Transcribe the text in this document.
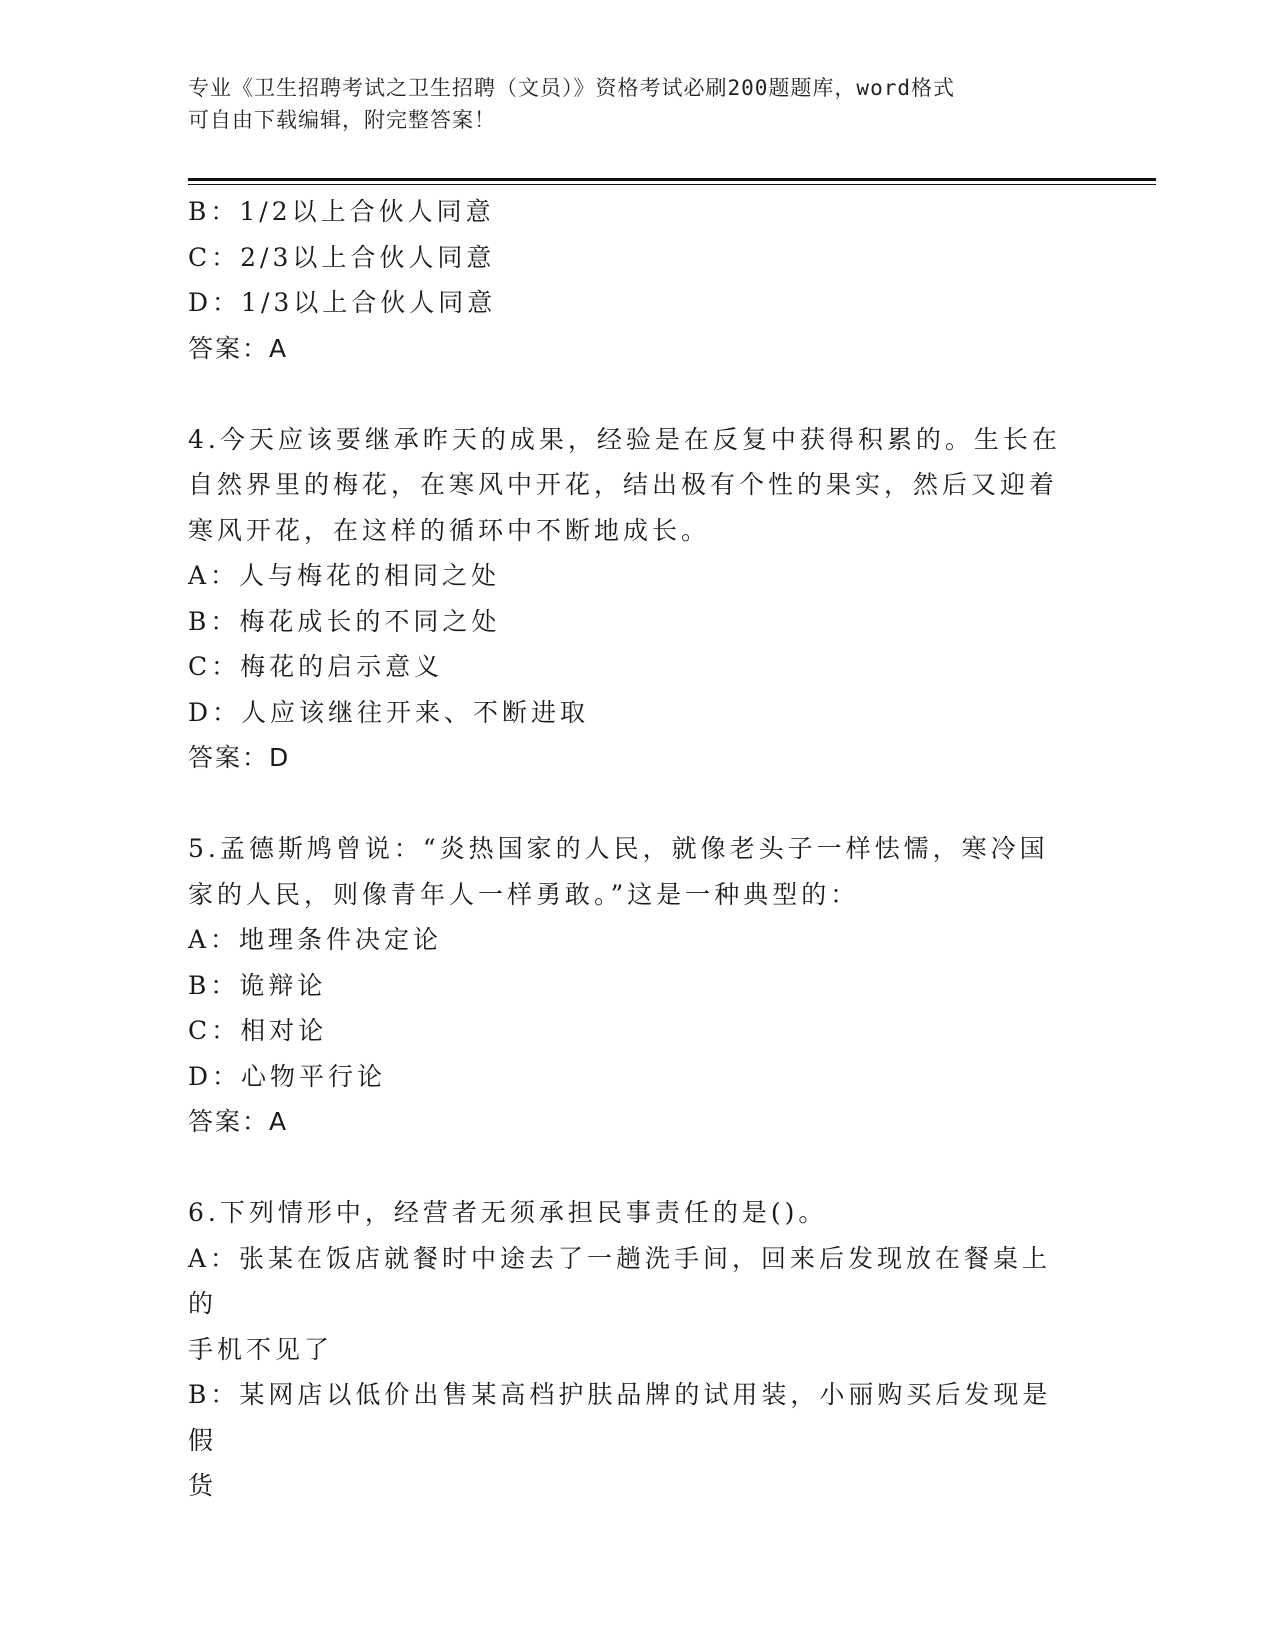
专业《卫生招聘考试之卫生招聘（文员）》资格考试必刷200题题库，word格式
可自由下载编辑，附完整答案！

B：1/2以上合伙人同意

C：2/3以上合伙人同意

D：1/3以上合伙人同意

答案：A

4.今天应该要继承昨天的成果，经验是在反复中获得积累的。生长在

自然界里的梅花，在寒风中开花，结出极有个性的果实，然后又迎着

寒风开花，在这样的循环中不断地成长。

A：人与梅花的相同之处

B：梅花成长的不同之处

C：梅花的启示意义

D：人应该继往开来、不断进取

答案：D

5.孟德斯鸠曾说：“炎热国家的人民，就像老头子一样怯懦，寒冷国

家的人民，则像青年人一样勇敢。”这是一种典型的：

A：地理条件决定论

B：诡辩论

C：相对论

D：心物平行论

答案：A

6.下列情形中，经营者无须承担民事责任的是()。

A：张某在饭店就餐时中途去了一趟洗手间，回来后发现放在餐桌上的

手机不见了

B：某网店以低价出售某高档护肤品牌的试用装，小丽购买后发现是假

货
